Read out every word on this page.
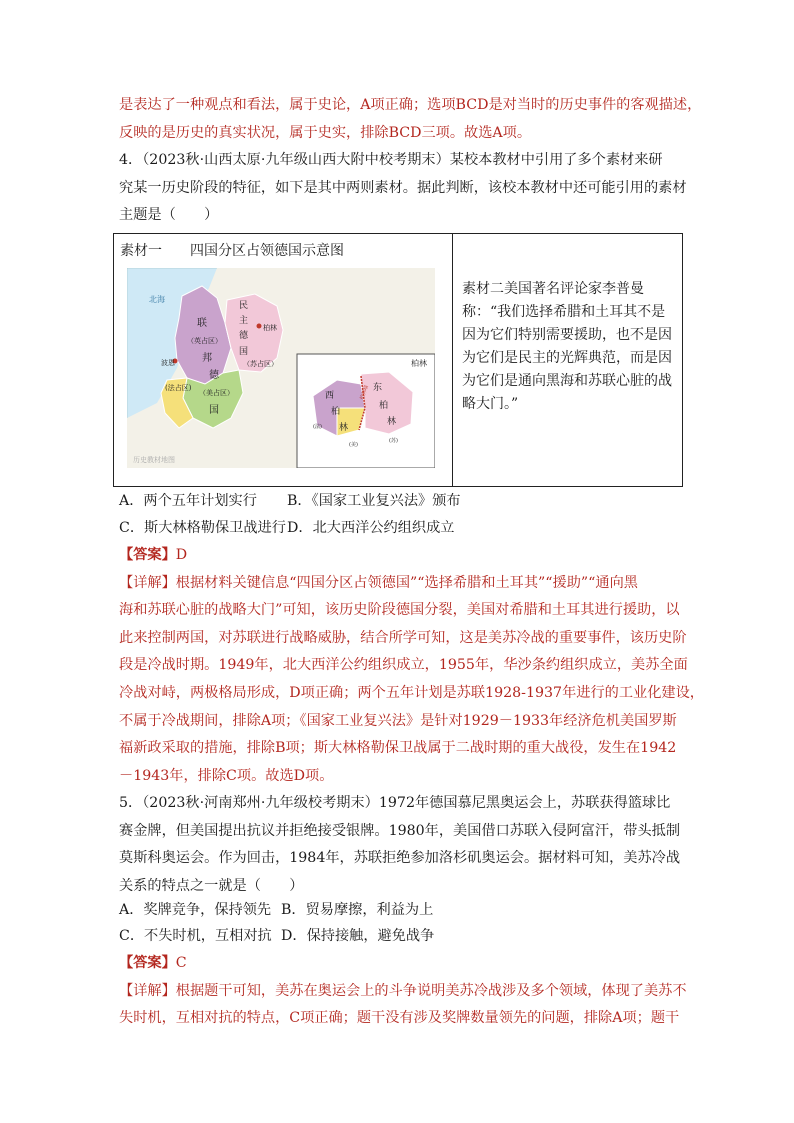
是表达了一种观点和看法，属于史论，A项正确；选项BCD是对当时的历史事件的客观描述，
反映的是历史的真实状况，属于史实，排除BCD三项。故选A项。
4．（2023秋·山西太原·九年级山西大附中校考期末）某校本教材中引用了多个素材来研
究某一历史阶段的特征，如下是其中两则素材。据此判断，该校本教材中还可能引用的素材
主题是（　　）
素材一　　四国分区占领德国示意图
北海
联
（英占区）
邦
波恩
(法占区)
（美占区）
德
国
民
主
德
国
柏林
（苏占区）	柏林
西
柏
林
东
柏
林
柏林墙
(法)
(美)
(苏)
历史教材地图
素材二美国著名评论家李普曼称：“我们选择希腊和土耳其不是因为它们特别需要援助，也不是因为它们是民主的光辉典范，而是因为它们是通向黑海和苏联心脏的战略大门。”
A．两个五年计划实行 B．《国家工业复兴法》颁布
C．斯大林格勒保卫战进行 D．北大西洋公约组织成立
【答案】D
【详解】根据材料关键信息“四国分区占领德国”“选择希腊和土耳其”“援助”“通向黑
海和苏联心脏的战略大门”可知，该历史阶段德国分裂，美国对希腊和土耳其进行援助，以
此来控制两国，对苏联进行战略威胁，结合所学可知，这是美苏冷战的重要事件，该历史阶
段是冷战时期。1949年，北大西洋公约组织成立，1955年，华沙条约组织成立，美苏全面
冷战对峙，两极格局形成，D项正确；两个五年计划是苏联1928-1937年进行的工业化建设，
不属于冷战期间，排除A项；《国家工业复兴法》是针对1929－1933年经济危机美国罗斯
福新政采取的措施，排除B项；斯大林格勒保卫战属于二战时期的重大战役，发生在1942
－1943年，排除C项。故选D项。
5．（2023秋·河南郑州·九年级校考期末）1972年德国慕尼黑奥运会上，苏联获得篮球比
赛金牌，但美国提出抗议并拒绝接受银牌。1980年，美国借口苏联入侵阿富汗，带头抵制
莫斯科奥运会。作为回击，1984年，苏联拒绝参加洛杉矶奥运会。据材料可知，美苏冷战
关系的特点之一就是（　　）
A．奖牌竞争，保持领先 B．贸易摩擦，利益为上
C．不失时机，互相对抗 D．保持接触，避免战争
【答案】C
【详解】根据题干可知，美苏在奥运会上的斗争说明美苏冷战涉及多个领域，体现了美苏不
失时机，互相对抗的特点，C项正确；题干没有涉及奖牌数量领先的问题，排除A项；题干
